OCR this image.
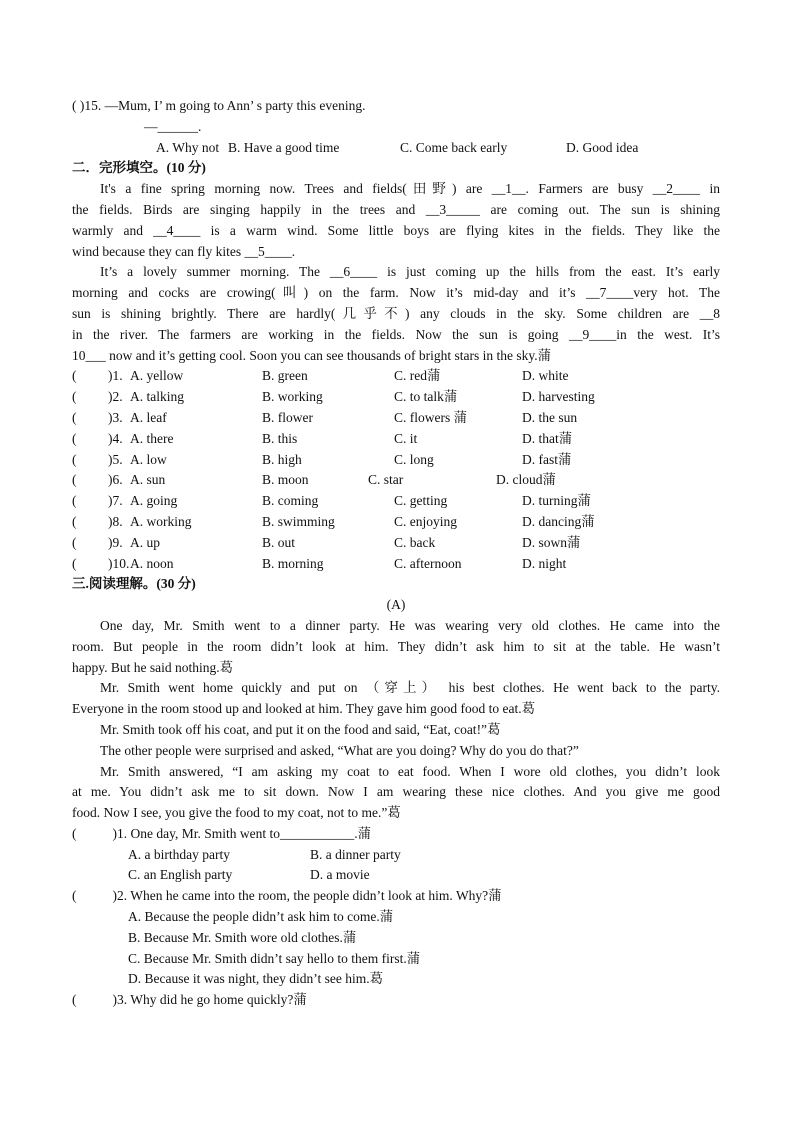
( )15. —Mum, I’ m going to Ann’ s party this evening.
—______.
A. Why not B. Have a good time	C. Come back early	D. Good idea
二．完形填空。(10 分)
It's a fine spring morning now. Trees and fields(田野) are __1__. Farmers are busy __2____ in
the fields. Birds are singing happily in the trees and __3_____ are coming out. The sun is shining
warmly and __4____ is a warm wind. Some little boys are flying kites in the fields. They like the
wind because they can fly kites __5____.
It’s a lovely summer morning. The __6____ is just coming up the hills from the east. It’s early
morning and cocks are crowing(叫) on the farm. Now it’s mid-day and it’s __7____very hot. The
sun is shining brightly. There are hardly(几乎不) any clouds in the sky. Some children are __8
in the river. The farmers are working in the fields. Now the sun is going __9____in the west. It’s
10___ now and it’s getting cool. Soon you can see thousands of bright stars in the sky.蒲
( )1. A. yellow	B. green	C. red蒲	D. white
( )2. A. talking	B. working	C. to talk蒲	D. harvesting
( )3. A. leaf	B. flower	C. flowers 蒲	D. the sun
( )4. A. there	B. this	C. it	D. that蒲
( )5. A. low	B. high	C. long	D. fast蒲
( )6. A. sun	B. moon	C. star	D. cloud蒲
( )7. A. going	B. coming	C. getting	D. turning蒲
( )8. A. working	B. swimming	C. enjoying	D. dancing蒲
( )9. A. up	B. out	C. back	D. sown蒲
( )10. A. noon	B. morning	C. afternoon	D. night
三.阅读理解。(30 分)
(A)
One day, Mr. Smith went to a dinner party. He was wearing very old clothes. He came into the
room. But people in the room didn’t look at him. They didn’t ask him to sit at the table. He wasn’t
happy. But he said nothing.葛
Mr. Smith went home quickly and put on （穿上） his best clothes. He went back to the party.
Everyone in the room stood up and looked at him. They gave him good food to eat.葛
Mr. Smith took off his coat, and put it on the food and said, “Eat, coat!”葛
The other people were surprised and asked, “What are you doing? Why do you do that?”
Mr. Smith answered, “I am asking my coat to eat food. When I wore old clothes, you didn’t look
at me. You didn’t ask me to sit down. Now I am wearing these nice clothes. And you give me good
food. Now I see, you give the food to my coat, not to me.”葛
(	)1. One day, Mr. Smith went to___________.蒲
A. a birthday party	B. a dinner party
C. an English party	D. a movie
(	)2. When he came into the room, the people didn’t look at him. Why?蒲
A. Because the people didn’t ask him to come.蒲
B. Because Mr. Smith wore old clothes.蒲
C. Because Mr. Smith didn’t say hello to them first.蒲
D. Because it was night, they didn’t see him.葛
(	)3. Why did he go home quickly?蒲
